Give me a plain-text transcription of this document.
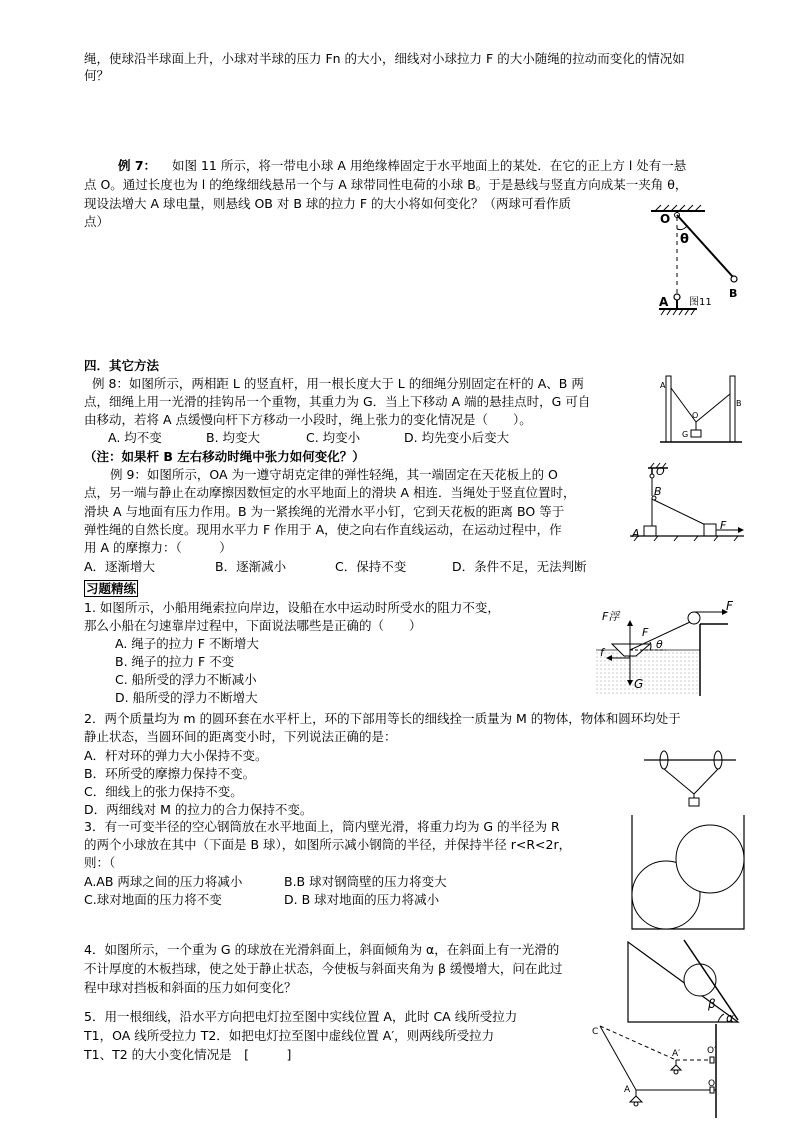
绳，使球沿半球面上升，小球对半球的压力 Fn 的大小，细线对小球拉力 F 的大小随绳的拉动而变化的情况如
何？
例 7： 如图 11 所示，将一带电小球 A 用绝缘棒固定于水平地面上的某处．在它的正上方 l 处有一悬
点 O。通过长度也为 l 的绝缘细线悬吊一个与 A 球带同性电荷的小球 B。于是悬线与竖直方向成某一夹角 θ，
现设法增大 A 球电量，则悬线 OB 对 B 球的拉力 F 的大小将如何变化？（两球可看作质
点）	O
θ
A
B
图11
四．其它方法
例 8：如图所示，两相距 L 的竖直杆，用一根长度大于 L 的细绳分别固定在杆的 A、B 两
点，细绳上用一光滑的挂钩吊一个重物，其重力为 G．当上下移动 A 端的悬挂点时，G 可自
由移动，若将 A 点缓慢向杆下方移动一小段时，绳上张力的变化情况是（　　）。
A. 均不变	B. 均变大	C. 均变小	D. 均先变小后变大
（注：如果杆 B 左右移动时绳中张力如何变化？）
A
B
O
G
例 9：如图所示，OA 为一遵守胡克定律的弹性轻绳，其一端固定在天花板上的 O
点，另一端与静止在动摩擦因数恒定的水平地面上的滑块 A 相连．当绳处于竖直位置时，
滑块 A 与地面有压力作用。B 为一紧挨绳的光滑水平小钉，它到天花板的距离 BO 等于
弹性绳的自然长度。现用水平力 F 作用于 A，使之向右作直线运动，在运动过程中，作
用 A 的摩擦力：（　　　）
A．逐渐增大	B．逐渐减小	C．保持不变	D．条件不足，无法判断
O
B
A
F
习题精练
1. 如图所示，小船用绳索拉向岸边，设船在水中运动时所受水的阻力不变，
那么小船在匀速靠岸过程中，下面说法哪些是正确的（　　）
A. 绳子的拉力 F 不断增大
B. 绳子的拉力 F 不变
C. 船所受的浮力不断减小
D. 船所受的浮力不断增大
F浮
F
F
f
G
θ
2．两个质量均为 m 的圆环套在水平杆上，环的下部用等长的细线拴一质量为 M 的物体，物体和圆环均处于
静止状态，当圆环间的距离变小时，下列说法正确的是：
A．杆对环的弹力大小保持不变。
B．环所受的摩擦力保持不变。
C．细线上的张力保持不变。
D．两细线对 M 的拉力的合力保持不变。
3．有一可变半径的空心钢筒放在水平地面上，筒内壁光滑，将重力均为 G 的半径为 R
的两个小球放在其中（下面是 B 球），如图所示减小钢筒的半径，并保持半径 r<R<2r，
则：（
A.AB 两球之间的压力将减小	B.B 球对钢筒壁的压力将变大
C.球对地面的压力将不变	D. B 球对地面的压力将减小
4．如图所示，一个重为 G 的球放在光滑斜面上，斜面倾角为 α，在斜面上有一光滑的
不计厚度的木板挡球，使之处于静止状态，今使板与斜面夹角为 β 缓慢增大，问在此过
程中球对挡板和斜面的压力如何变化？
β
α
5．用一根细线，沿水平方向把电灯拉至图中实线位置 A，此时 CA 线所受拉力
T1，OA 线所受拉力 T2．如把电灯拉至图中虚线位置 A′，则两线所受拉力
T1、T2 的大小变化情况是　[　　　]
C
A′	O′
A
O
